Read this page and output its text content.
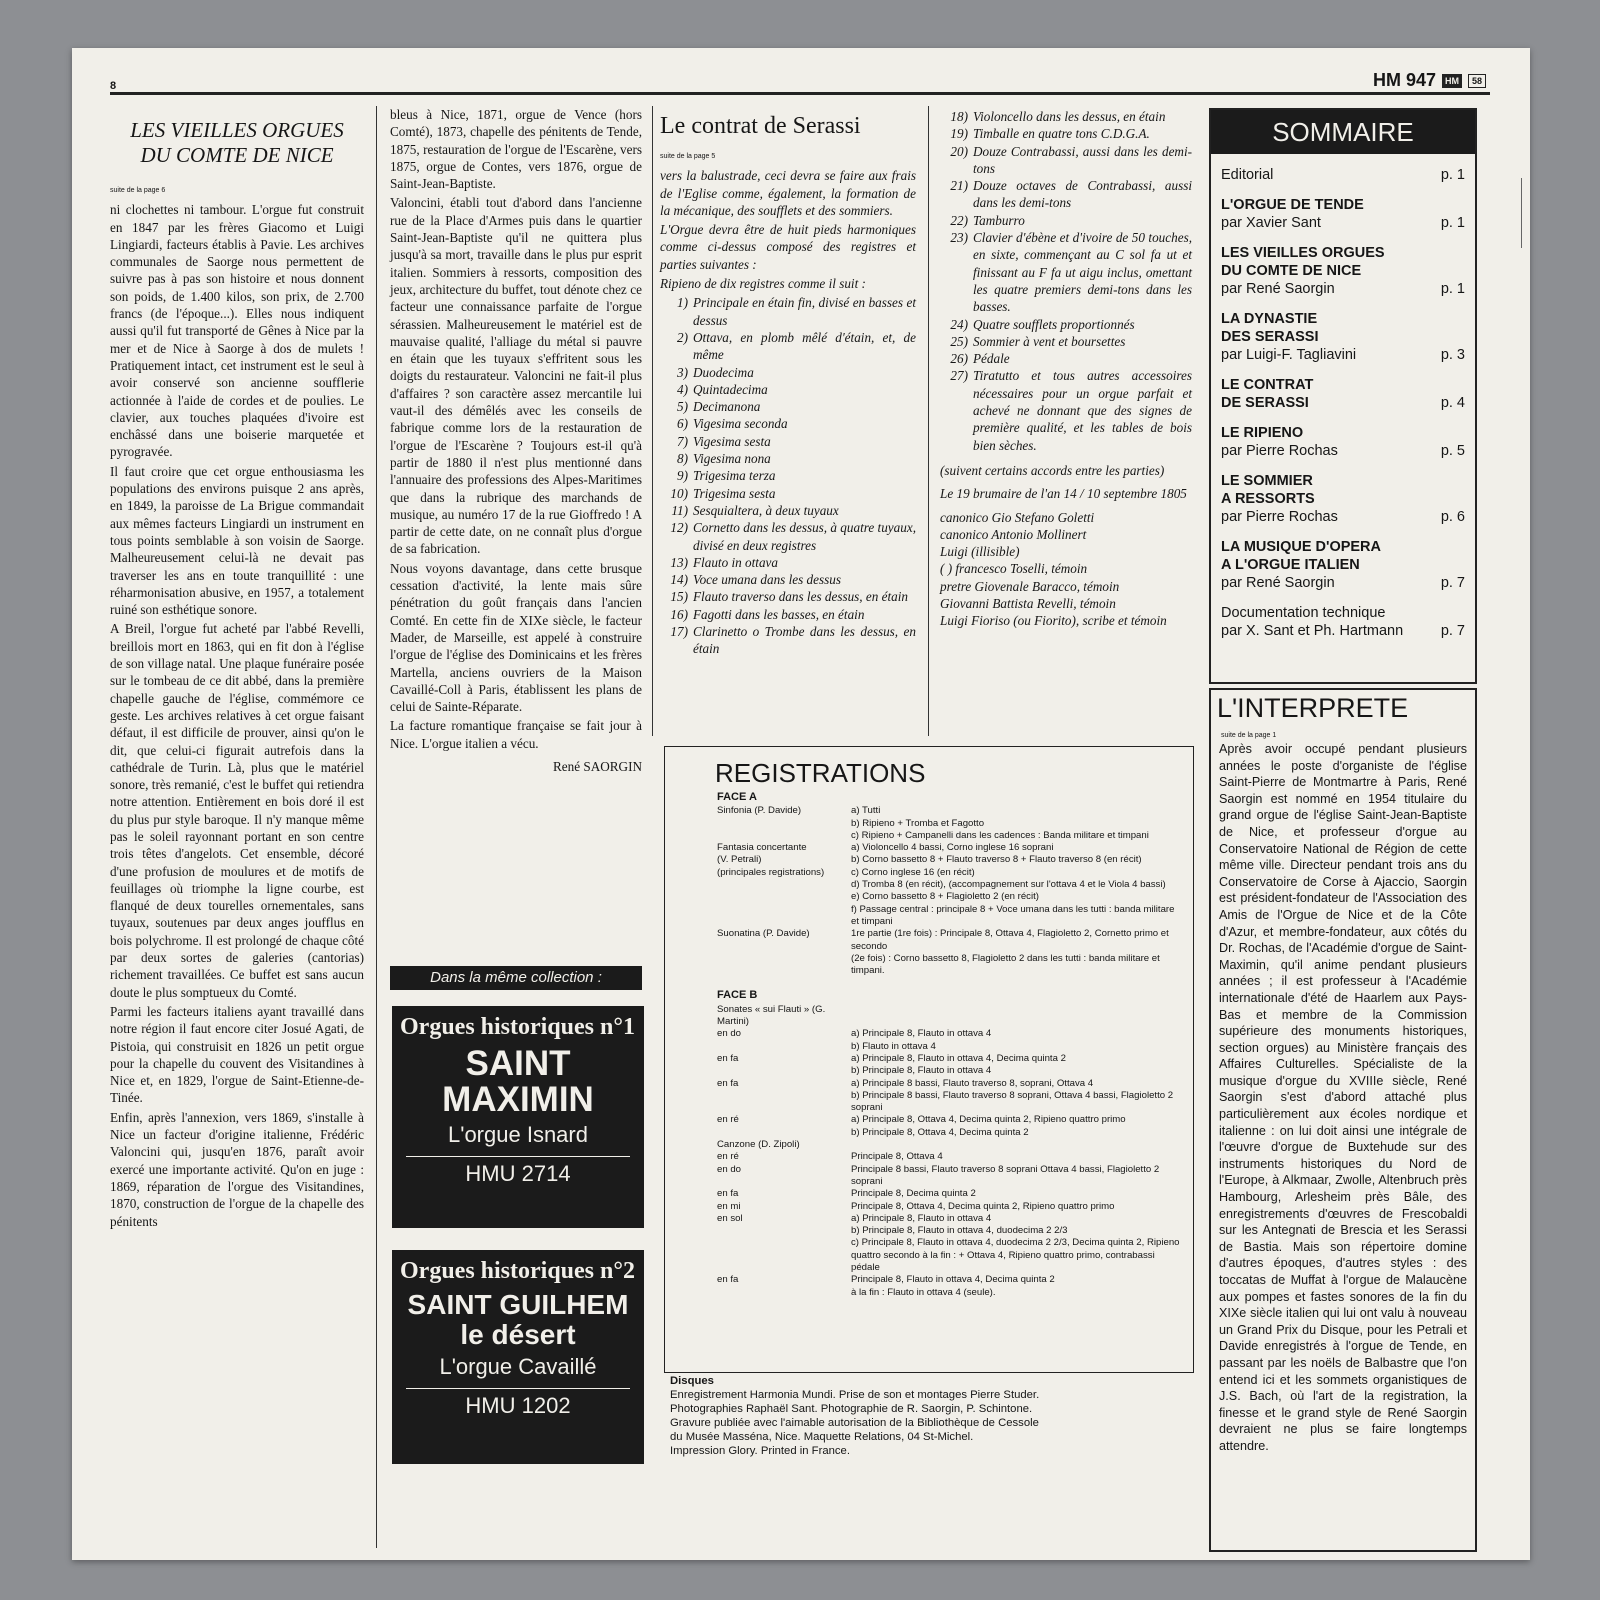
8	HM 947	HM	58
LES VIEILLES ORGUES
DU COMTE DE NICE
suite de la page 6

ni clochettes ni tambour. L'orgue fut construit en 1847 par les frères Giacomo et Luigi Lingiardi, facteurs établis à Pavie. Les archives communales de Saorge nous permettent de suivre pas à pas son histoire et nous donnent son poids, de 1.400 kilos, son prix, de 2.700 francs (de l'époque...). Elles nous indiquent aussi qu'il fut transporté de Gênes à Nice par la mer et de Nice à Saorge à dos de mulets ! Pratiquement intact, cet instrument est le seul à avoir conservé son ancienne soufflerie actionnée à l'aide de cordes et de poulies. Le clavier, aux touches plaquées d'ivoire est enchâssé dans une boiserie marquetée et pyrogravée.

Il faut croire que cet orgue enthousiasma les populations des environs puisque 2 ans après, en 1849, la paroisse de La Brigue commandait aux mêmes facteurs Lingiardi un instrument en tous points semblable à son voisin de Saorge. Malheureusement celui-là ne devait pas traverser les ans en toute tranquillité : une réharmonisation abusive, en 1957, a totalement ruiné son esthétique sonore.

A Breil, l'orgue fut acheté par l'abbé Revelli, breillois mort en 1863, qui en fit don à l'église de son village natal. Une plaque funéraire posée sur le tombeau de ce dit abbé, dans la première chapelle gauche de l'église, commémore ce geste. Les archives relatives à cet orgue faisant défaut, il est difficile de prouver, ainsi qu'on le dit, que celui-ci figurait autrefois dans la cathédrale de Turin. Là, plus que le matériel sonore, très remanié, c'est le buffet qui retiendra notre attention. Entièrement en bois doré il est du plus pur style baroque. Il n'y manque même pas le soleil rayonnant portant en son centre trois têtes d'angelots. Cet ensemble, décoré d'une profusion de moulures et de motifs de feuillages où triomphe la ligne courbe, est flanqué de deux tourelles ornementales, sans tuyaux, soutenues par deux anges joufflus en bois polychrome. Il est prolongé de chaque côté par deux sortes de galeries (cantorias) richement travaillées. Ce buffet est sans aucun doute le plus somptueux du Comté.

Parmi les facteurs italiens ayant travaillé dans notre région il faut encore citer Josué Agati, de Pistoia, qui construisit en 1826 un petit orgue pour la chapelle du couvent des Visitandines à Nice et, en 1829, l'orgue de Saint-Etienne-de-Tinée.

Enfin, après l'annexion, vers 1869, s'installe à Nice un facteur d'origine italienne, Frédéric Valoncini qui, jusqu'en 1876, paraît avoir exercé une importante activité. Qu'on en juge : 1869, réparation de l'orgue des Visitandines, 1870, construction de l'orgue de la chapelle des pénitents

bleus à Nice, 1871, orgue de Vence (hors Comté), 1873, chapelle des pénitents de Tende, 1875, restauration de l'orgue de l'Escarène, vers 1875, orgue de Contes, vers 1876, orgue de Saint-Jean-Baptiste.

Valoncini, établi tout d'abord dans l'ancienne rue de la Place d'Armes puis dans le quartier Saint-Jean-Baptiste qu'il ne quittera plus jusqu'à sa mort, travaille dans le plus pur esprit italien. Sommiers à ressorts, composition des jeux, architecture du buffet, tout dénote chez ce facteur une connaissance parfaite de l'orgue sérassien. Malheureusement le matériel est de mauvaise qualité, l'alliage du métal si pauvre en étain que les tuyaux s'effritent sous les doigts du restaurateur. Valoncini ne fait-il plus d'affaires ? son caractère assez mercantile lui vaut-il des démêlés avec les conseils de fabrique comme lors de la restauration de l'orgue de l'Escarène ? Toujours est-il qu'à partir de 1880 il n'est plus mentionné dans l'annuaire des professions des Alpes-Maritimes que dans la rubrique des marchands de musique, au numéro 17 de la rue Gioffredo ! A partir de cette date, on ne connaît plus d'orgue de sa fabrication.

Nous voyons davantage, dans cette brusque cessation d'activité, la lente mais sûre pénétration du goût français dans l'ancien Comté. En cette fin de XIXe siècle, le facteur Mader, de Marseille, est appelé à construire l'orgue de l'église des Dominicains et les frères Martella, anciens ouvriers de la Maison Cavaillé-Coll à Paris, établissent les plans de celui de Sainte-Réparate.

La facture romantique française se fait jour à Nice. L'orgue italien a vécu.

René SAORGIN
Dans la même collection :
Orgues historiques n°1
SAINT
MAXIMIN
L'orgue Isnard
HMU 2714
Orgues historiques n°2
SAINT GUILHEM
le désert
L'orgue Cavaillé
HMU 1202
Le contrat de Serassi
suite de la page 5

vers la balustrade, ceci devra se faire aux frais de l'Eglise comme, également, la formation de la mécanique, des soufflets et des sommiers.

L'Orgue devra être de huit pieds harmoniques comme ci-dessus composé des registres et parties suivantes :

Ripieno de dix registres comme il suit :

1) Principale en étain fin, divisé en basses et dessus
2) Ottava, en plomb mêlé d'étain, et, de même
3) Duodecima
4) Quintadecima
5) Decimanona
6) Vigesima seconda
7) Vigesima sesta
8) Vigesima nona
9) Trigesima terza
10) Trigesima sesta
11) Sesquialtera, à deux tuyaux
12) Cornetto dans les dessus, à quatre tuyaux, divisé en deux registres
13) Flauto in ottava
14) Voce umana dans les dessus
15) Flauto traverso dans les dessus, en étain
16) Fagotti dans les basses, en étain
17) Clarinetto o Trombe dans les dessus, en étain
18) Violoncello dans les dessus, en étain
19) Timballe en quatre tons C.D.G.A.
20) Douze Contrabassi, aussi dans les demi-tons
21) Douze octaves de Contrabassi, aussi dans les demi-tons
22) Tamburro
23) Clavier d'ébène et d'ivoire de 50 touches, en sixte, commençant au C sol fa ut et finissant au F fa ut aigu inclus, omettant les quatre premiers demi-tons dans les basses.
24) Quatre soufflets proportionnés
25) Sommier à vent et boursettes
26) Pédale
27) Tiratutto et tous autres accessoires nécessaires pour un orgue parfait et achevé ne donnant que des signes de première qualité, et les tables de bois bien sèches.

(suivent certains accords entre les parties)

Le 19 brumaire de l'an 14 / 10 septembre 1805

canonico Gio Stefano Goletti
canonico Antonio Mollinert
Luigi (illisible)
( ) francesco Toselli, témoin
pretre Giovenale Baracco, témoin
Giovanni Battista Revelli, témoin
Luigi Fioriso (ou Fiorito), scribe et témoin
REGISTRATIONS
FACE A
Sinfonia (P. Davide)	a) Tutti
b) Ripieno + Tromba et Fagotto
c) Ripieno + Campanelli dans les cadences : Banda militare et timpani
Fantasia concertante	a) Violoncello 4 bassi, Corno inglese 16 soprani
(V. Petrali)	b) Corno bassetto 8 + Flauto traverso 8 + Flauto traverso 8 (en récit)
(principales registrations)	c) Corno inglese 16 (en récit)
d) Tromba 8 (en récit), (accompagnement sur l'ottava 4 et le Viola 4 bassi)
e) Corno bassetto 8 + Flagioletto 2 (en récit)
f) Passage central : principale 8 + Voce umana dans les tutti : banda militare et timpani
Suonatina (P. Davide)	1re partie (1re fois) : Principale 8, Ottava 4, Flagioletto 2, Cornetto primo et secondo
(2e fois) : Corno bassetto 8, Flagioletto 2 dans les tutti : banda militare et timpani.
FACE B
Sonates « sui Flauti » (G. Martini)
en do	a) Principale 8, Flauto in ottava 4
b) Flauto in ottava 4
en fa	a) Principale 8, Flauto in ottava 4, Decima quinta 2
b) Principale 8, Flauto in ottava 4
en fa	a) Principale 8 bassi, Flauto traverso 8, soprani, Ottava 4
b) Principale 8 bassi, Flauto traverso 8 soprani, Ottava 4 bassi, Flagioletto 2 soprani
en ré	a) Principale 8, Ottava 4, Decima quinta 2, Ripieno quattro primo
b) Principale 8, Ottava 4, Decima quinta 2
Canzone (D. Zipoli)
en ré	Principale 8, Ottava 4
en do	Principale 8 bassi, Flauto traverso 8 soprani Ottava 4 bassi, Flagioletto 2 soprani
en fa	Principale 8, Decima quinta 2
en mi	Principale 8, Ottava 4, Decima quinta 2, Ripieno quattro primo
en sol	a) Principale 8, Flauto in ottava 4
b) Principale 8, Flauto in ottava 4, duodecima 2 2/3
c) Principale 8, Flauto in ottava 4, duodecima 2 2/3, Decima quinta 2, Ripieno quattro secondo à la fin : + Ottava 4, Ripieno quattro primo, contrabassi pédale
en fa	Principale 8, Flauto in ottava 4, Decima quinta 2
à la fin : Flauto in ottava 4 (seule).
Disques
Enregistrement Harmonia Mundi. Prise de son et montages Pierre Studer.
Photographies Raphaël Sant. Photographie de R. Saorgin, P. Schintone.
Gravure publiée avec l'aimable autorisation de la Bibliothèque de Cessole
du Musée Masséna, Nice. Maquette Relations, 04 St-Michel.
Impression Glory. Printed in France.
SOMMAIRE
Editorial	p. 1
L'ORGUE DE TENDE
par Xavier Sant	p. 1
LES VIEILLES ORGUES
DU COMTE DE NICE
par René Saorgin	p. 1
LA DYNASTIE
DES SERASSI
par Luigi-F. Tagliavini	p. 3
LE CONTRAT
DE SERASSI	p. 4
LE RIPIENO
par Pierre Rochas	p. 5
LE SOMMIER
A RESSORTS
par Pierre Rochas	p. 6
LA MUSIQUE D'OPERA
A L'ORGUE ITALIEN
par René Saorgin	p. 7
Documentation technique
par X. Sant et Ph. Hartmann	p. 7
L'INTERPRETE
suite de la page 1
Après avoir occupé pendant plusieurs années le poste d'organiste de l'église Saint-Pierre de Montmartre à Paris, René Saorgin est nommé en 1954 titulaire du grand orgue de l'église Saint-Jean-Baptiste de Nice, et professeur d'orgue au Conservatoire National de Région de cette même ville. Directeur pendant trois ans du Conservatoire de Corse à Ajaccio, Saorgin est président-fondateur de l'Association des Amis de l'Orgue de Nice et de la Côte d'Azur, et membre-fondateur, aux côtés du Dr. Rochas, de l'Académie d'orgue de Saint-Maximin, qu'il anime pendant plusieurs années ; il est professeur à l'Académie internationale d'été de Haarlem aux Pays-Bas et membre de la Commission supérieure des monuments historiques, section orgues) au Ministère français des Affaires Culturelles. Spécialiste de la musique d'orgue du XVIIIe siècle, René Saorgin s'est d'abord attaché plus particulièrement aux écoles nordique et italienne : on lui doit ainsi une intégrale de l'œuvre d'orgue de Buxtehude sur des instruments historiques du Nord de l'Europe, à Alkmaar, Zwolle, Altenbruch près Hambourg, Arlesheim près Bâle, des enregistrements d'œuvres de Frescobaldi sur les Antegnati de Brescia et les Serassi de Bastia. Mais son répertoire domine d'autres époques, d'autres styles : des toccatas de Muffat à l'orgue de Malaucène aux pompes et fastes sonores de la fin du XIXe siècle italien qui lui ont valu à nouveau un Grand Prix du Disque, pour les Petrali et Davide enregistrés à l'orgue de Tende, en passant par les noëls de Balbastre que l'on entend ici et les sommets organistiques de J.S. Bach, où l'art de la registration, la finesse et le grand style de René Saorgin devraient ne plus se faire longtemps attendre.
